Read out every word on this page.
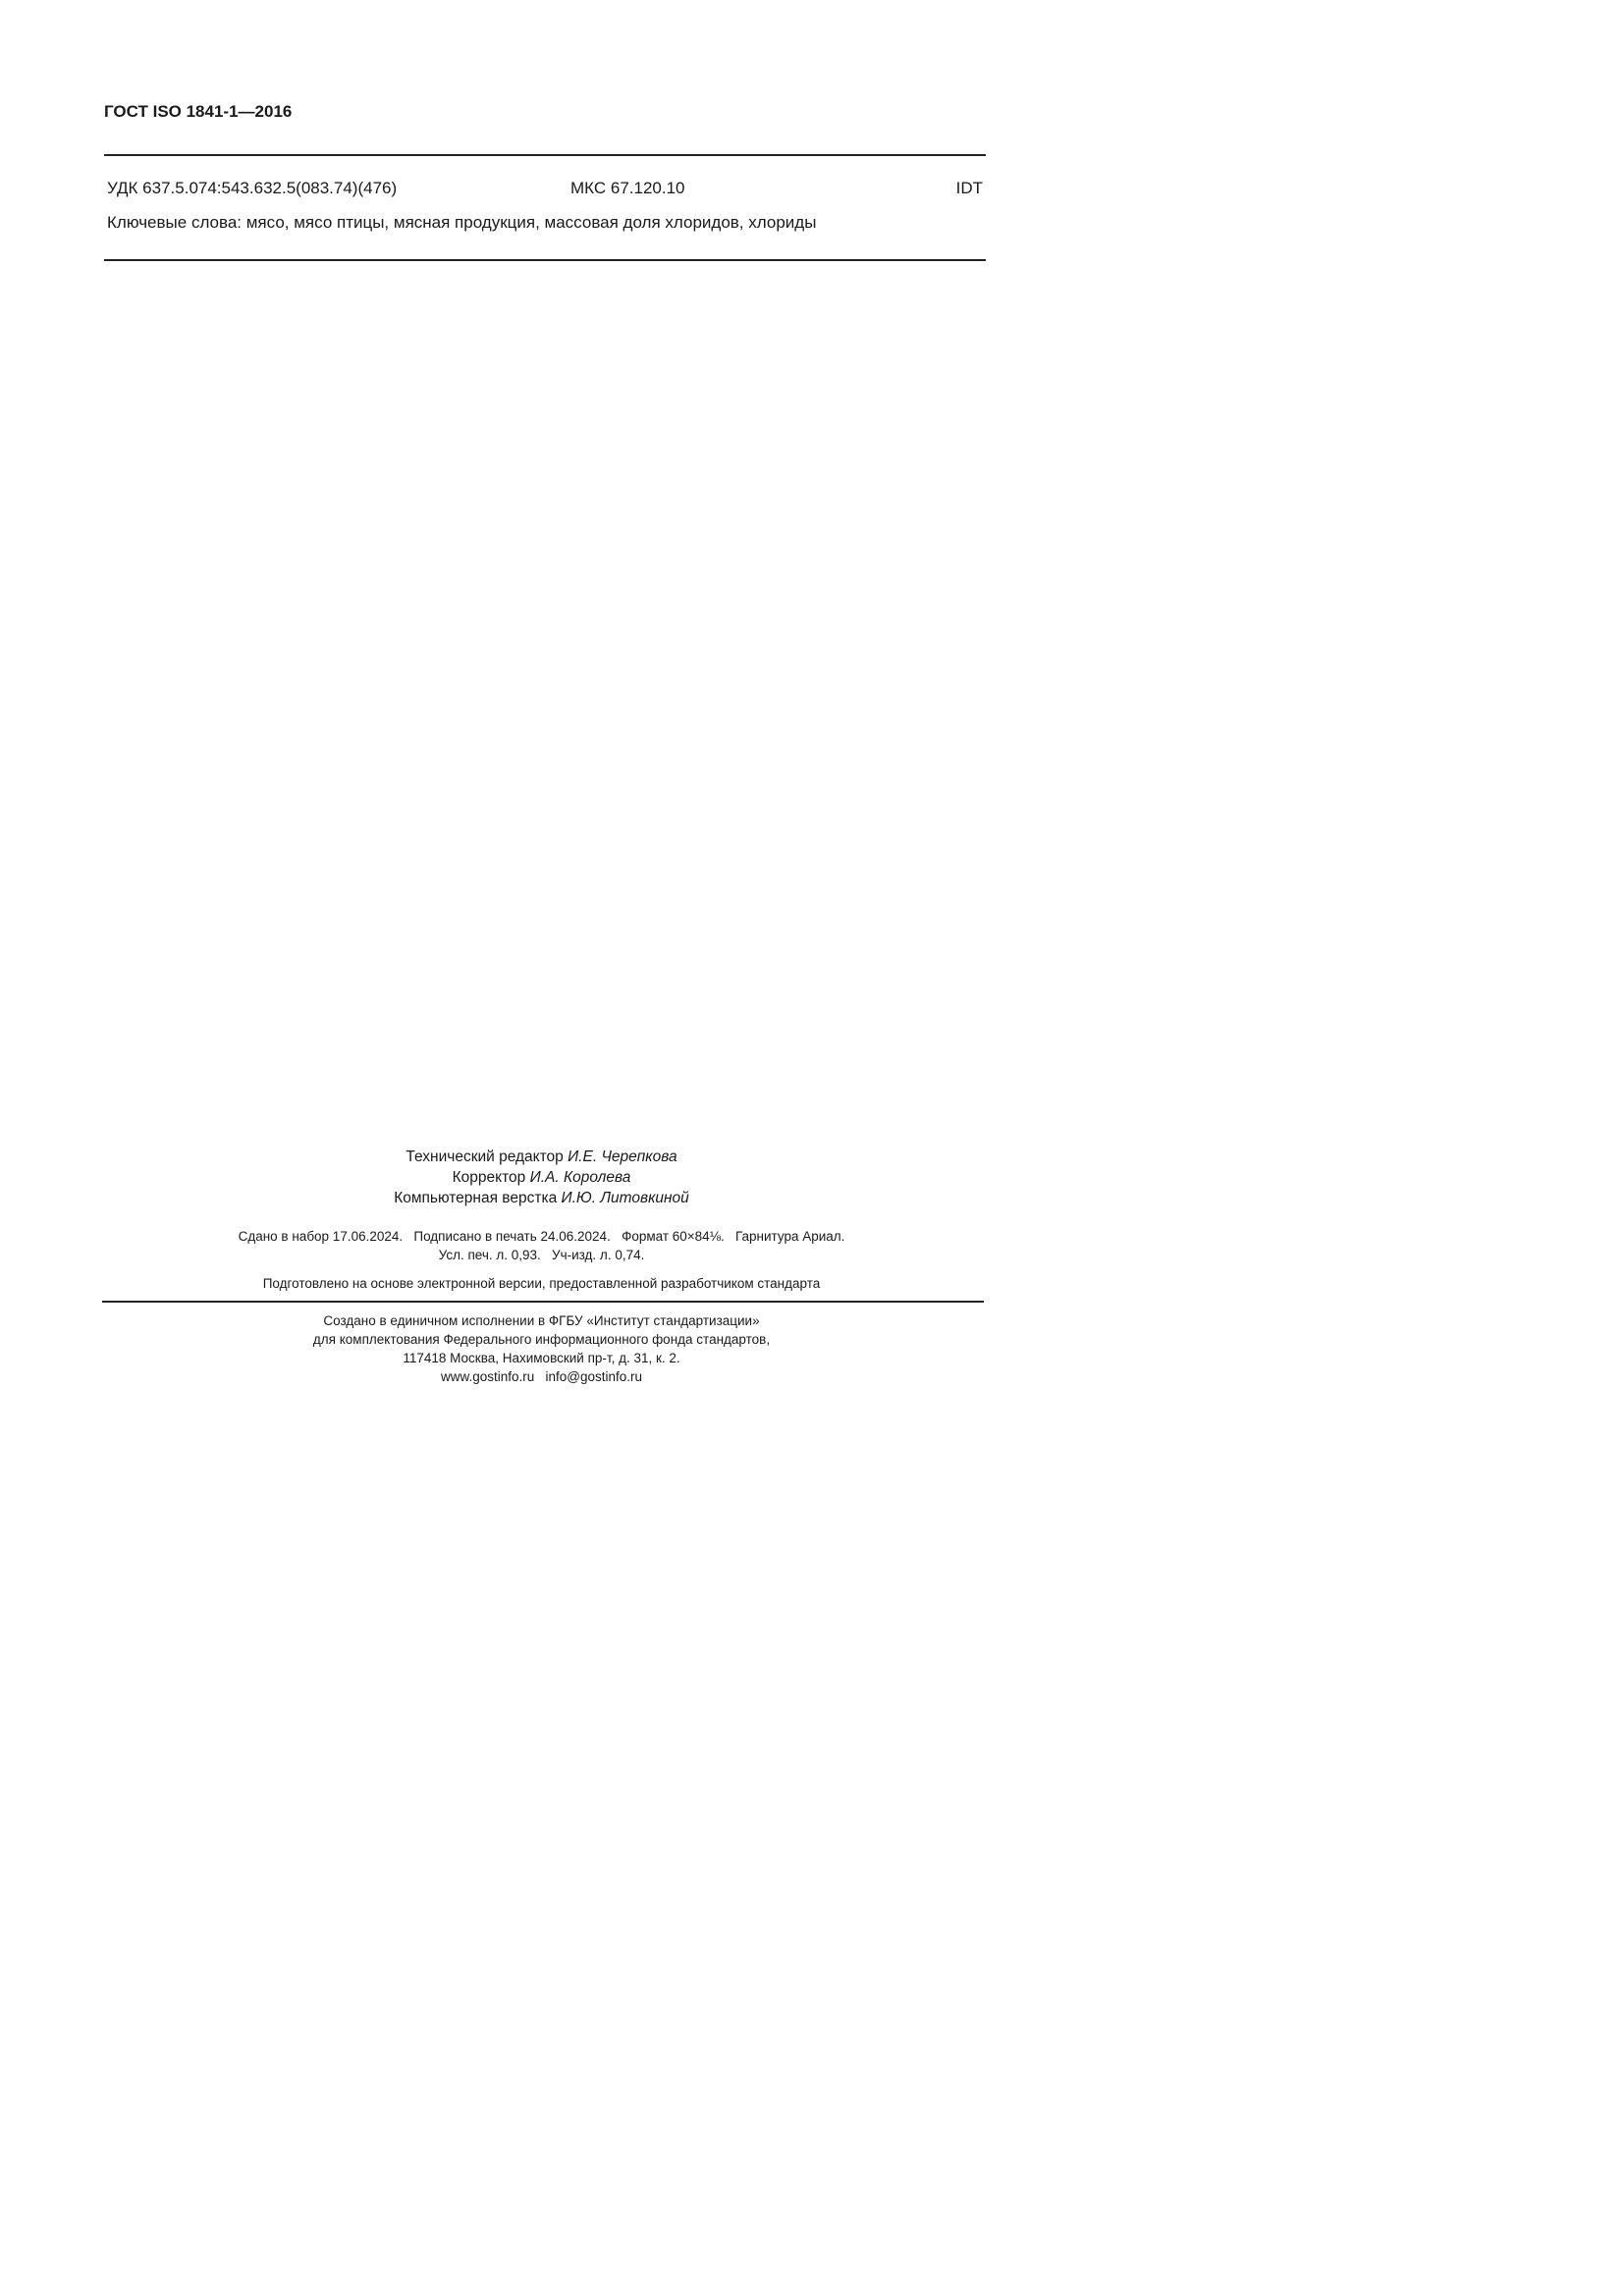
ГОСТ ISO 1841-1—2016
УДК 637.5.074:543.632.5(083.74)(476)	МКС 67.120.10	IDT
Ключевые слова: мясо, мясо птицы, мясная продукция, массовая доля хлоридов, хлориды
Технический редактор И.Е. Черепкова
Корректор И.А. Королева
Компьютерная верстка И.Ю. Литовкиной
Сдано в набор 17.06.2024.   Подписано в печать 24.06.2024.   Формат 60×84⅛.   Гарнитура Ариал.
Усл. печ. л. 0,93.   Уч-изд. л. 0,74.
Подготовлено на основе электронной версии, предоставленной разработчиком стандарта
Создано в единичном исполнении в ФГБУ «Институт стандартизации»
для комплектования Федерального информационного фонда стандартов,
117418 Москва, Нахимовский пр-т, д. 31, к. 2.
www.gostinfo.ru   info@gostinfo.ru
